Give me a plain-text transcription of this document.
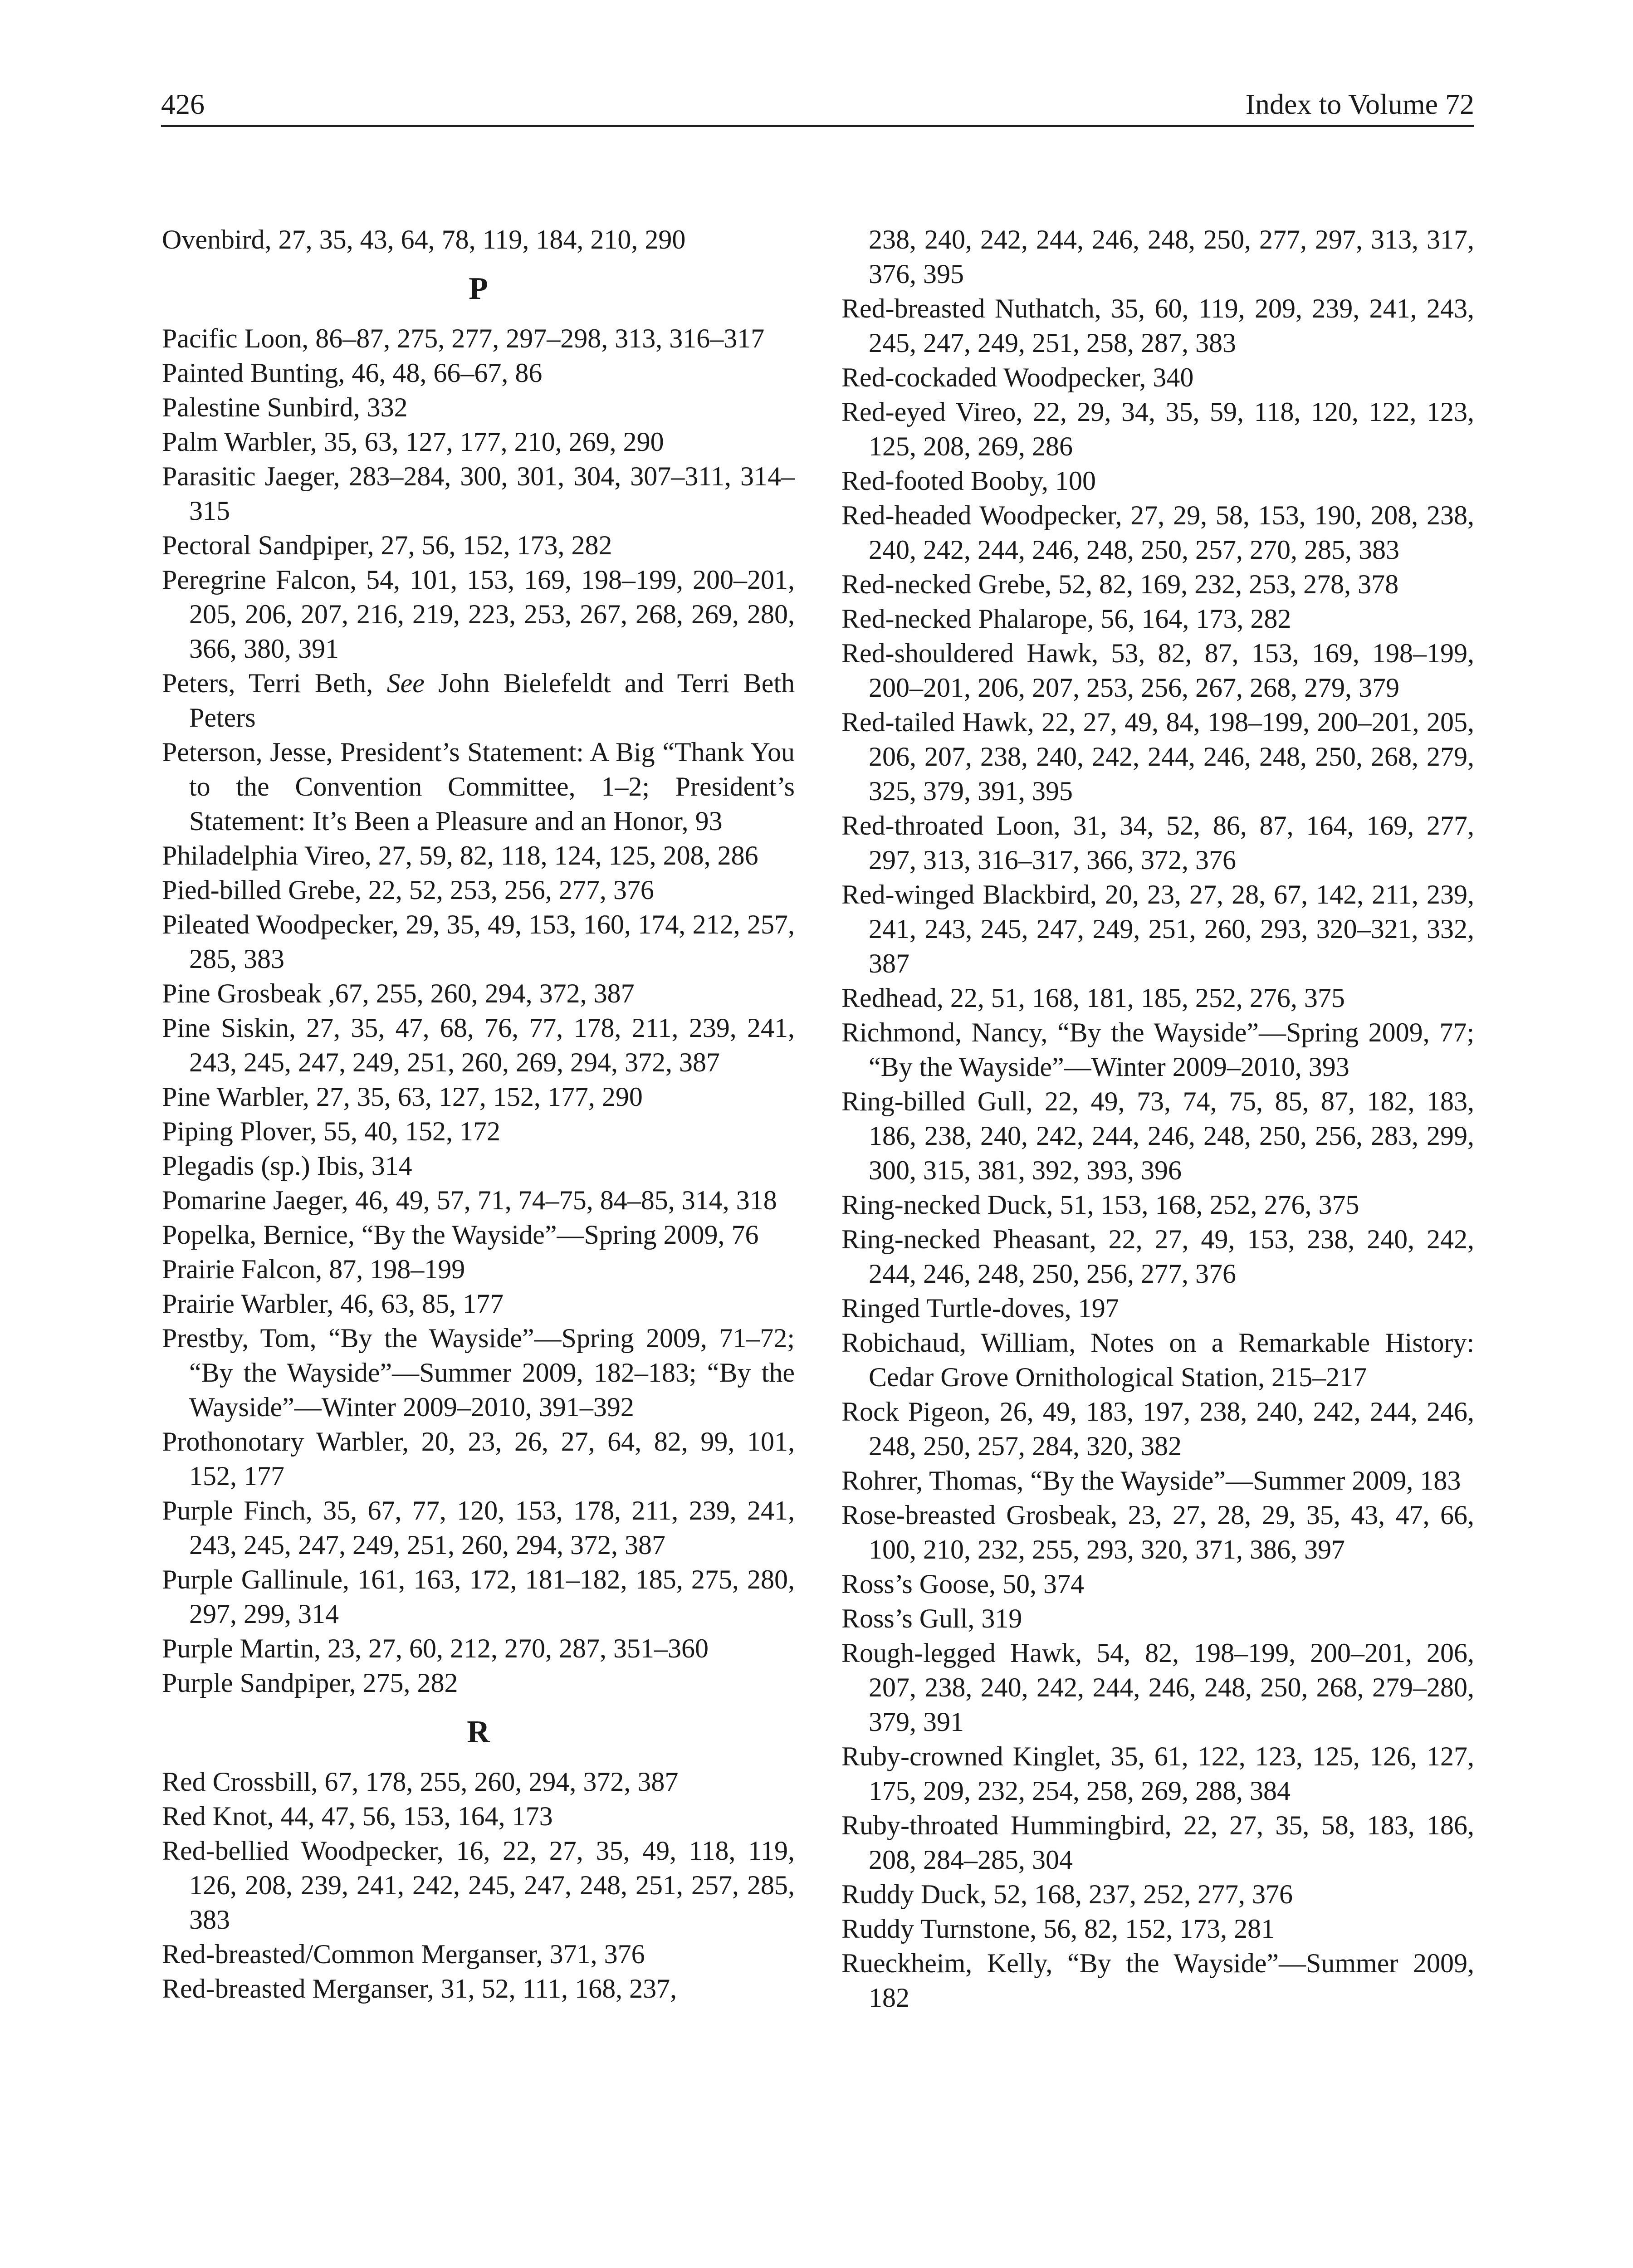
426	Index to Volume 72
Ovenbird, 27, 35, 43, 64, 78, 119, 184, 210, 290
P
Pacific Loon, 86–87, 275, 277, 297–298, 313, 316–317
Painted Bunting, 46, 48, 66–67, 86
Palestine Sunbird, 332
Palm Warbler, 35, 63, 127, 177, 210, 269, 290
Parasitic Jaeger, 283–284, 300, 301, 304, 307–311, 314–315
Pectoral Sandpiper, 27, 56, 152, 173, 282
Peregrine Falcon, 54, 101, 153, 169, 198–199, 200–201, 205, 206, 207, 216, 219, 223, 253, 267, 268, 269, 280, 366, 380, 391
Peters, Terri Beth, See John Bielefeldt and Terri Beth Peters
Peterson, Jesse, President’s Statement: A Big “Thank You to the Convention Committee, 1–2; President’s Statement: It’s Been a Pleasure and an Honor, 93
Philadelphia Vireo, 27, 59, 82, 118, 124, 125, 208, 286
Pied-billed Grebe, 22, 52, 253, 256, 277, 376
Pileated Woodpecker, 29, 35, 49, 153, 160, 174, 212, 257, 285, 383
Pine Grosbeak ,67, 255, 260, 294, 372, 387
Pine Siskin, 27, 35, 47, 68, 76, 77, 178, 211, 239, 241, 243, 245, 247, 249, 251, 260, 269, 294, 372, 387
Pine Warbler, 27, 35, 63, 127, 152, 177, 290
Piping Plover, 55, 40, 152, 172
Plegadis (sp.) Ibis, 314
Pomarine Jaeger, 46, 49, 57, 71, 74–75, 84–85, 314, 318
Popelka, Bernice, “By the Wayside”—Spring 2009, 76
Prairie Falcon, 87, 198–199
Prairie Warbler, 46, 63, 85, 177
Prestby, Tom, “By the Wayside”—Spring 2009, 71–72; “By the Wayside”—Summer 2009, 182–183; “By the Wayside”—Winter 2009–2010, 391–392
Prothonotary Warbler, 20, 23, 26, 27, 64, 82, 99, 101, 152, 177
Purple Finch, 35, 67, 77, 120, 153, 178, 211, 239, 241, 243, 245, 247, 249, 251, 260, 294, 372, 387
Purple Gallinule, 161, 163, 172, 181–182, 185, 275, 280, 297, 299, 314
Purple Martin, 23, 27, 60, 212, 270, 287, 351–360
Purple Sandpiper, 275, 282
R
Red Crossbill, 67, 178, 255, 260, 294, 372, 387
Red Knot, 44, 47, 56, 153, 164, 173
Red-bellied Woodpecker, 16, 22, 27, 35, 49, 118, 119, 126, 208, 239, 241, 242, 245, 247, 248, 251, 257, 285, 383
Red-breasted/Common Merganser, 371, 376
Red-breasted Merganser, 31, 52, 111, 168, 237,
238, 240, 242, 244, 246, 248, 250, 277, 297, 313, 317, 376, 395
Red-breasted Nuthatch, 35, 60, 119, 209, 239, 241, 243, 245, 247, 249, 251, 258, 287, 383
Red-cockaded Woodpecker, 340
Red-eyed Vireo, 22, 29, 34, 35, 59, 118, 120, 122, 123, 125, 208, 269, 286
Red-footed Booby, 100
Red-headed Woodpecker, 27, 29, 58, 153, 190, 208, 238, 240, 242, 244, 246, 248, 250, 257, 270, 285, 383
Red-necked Grebe, 52, 82, 169, 232, 253, 278, 378
Red-necked Phalarope, 56, 164, 173, 282
Red-shouldered Hawk, 53, 82, 87, 153, 169, 198–199, 200–201, 206, 207, 253, 256, 267, 268, 279, 379
Red-tailed Hawk, 22, 27, 49, 84, 198–199, 200–201, 205, 206, 207, 238, 240, 242, 244, 246, 248, 250, 268, 279, 325, 379, 391, 395
Red-throated Loon, 31, 34, 52, 86, 87, 164, 169, 277, 297, 313, 316–317, 366, 372, 376
Red-winged Blackbird, 20, 23, 27, 28, 67, 142, 211, 239, 241, 243, 245, 247, 249, 251, 260, 293, 320–321, 332, 387
Redhead, 22, 51, 168, 181, 185, 252, 276, 375
Richmond, Nancy, “By the Wayside”—Spring 2009, 77; “By the Wayside”—Winter 2009–2010, 393
Ring-billed Gull, 22, 49, 73, 74, 75, 85, 87, 182, 183, 186, 238, 240, 242, 244, 246, 248, 250, 256, 283, 299, 300, 315, 381, 392, 393, 396
Ring-necked Duck, 51, 153, 168, 252, 276, 375
Ring-necked Pheasant, 22, 27, 49, 153, 238, 240, 242, 244, 246, 248, 250, 256, 277, 376
Ringed Turtle-doves, 197
Robichaud, William, Notes on a Remarkable History: Cedar Grove Ornithological Station, 215–217
Rock Pigeon, 26, 49, 183, 197, 238, 240, 242, 244, 246, 248, 250, 257, 284, 320, 382
Rohrer, Thomas, “By the Wayside”—Summer 2009, 183
Rose-breasted Grosbeak, 23, 27, 28, 29, 35, 43, 47, 66, 100, 210, 232, 255, 293, 320, 371, 386, 397
Ross’s Goose, 50, 374
Ross’s Gull, 319
Rough-legged Hawk, 54, 82, 198–199, 200–201, 206, 207, 238, 240, 242, 244, 246, 248, 250, 268, 279–280, 379, 391
Ruby-crowned Kinglet, 35, 61, 122, 123, 125, 126, 127, 175, 209, 232, 254, 258, 269, 288, 384
Ruby-throated Hummingbird, 22, 27, 35, 58, 183, 186, 208, 284–285, 304
Ruddy Duck, 52, 168, 237, 252, 277, 376
Ruddy Turnstone, 56, 82, 152, 173, 281
Rueckheim, Kelly, “By the Wayside”—Summer 2009, 182
